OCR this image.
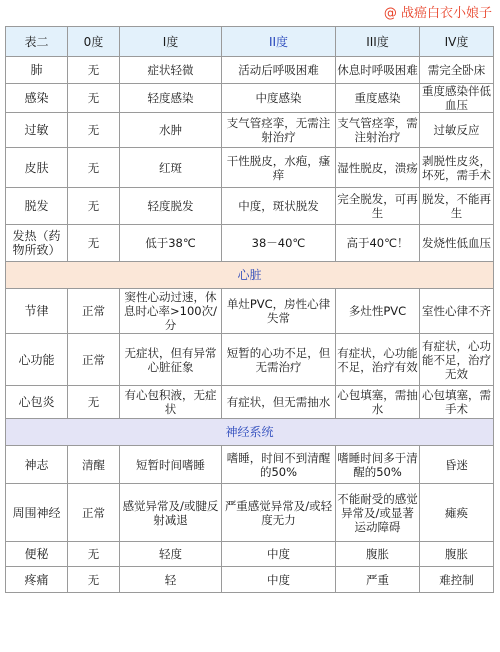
@ 战癌白衣小娘子
表二	0度	I度	II度	III度	IV度
肺	无	症状轻微	活动后呼吸困难	休息时呼吸困难	需完全卧床
感染	无	轻度感染	中度感染	重度感染	重度感染伴低血压
过敏	无	水肿	支气管痉挛，无需注射治疗	支气管痉挛，需注射治疗	过敏反应
皮肤	无	红斑	干性脱皮，水疱，瘙痒	湿性脱皮，溃疡	剥脱性皮炎，坏死，需手术
脱发	无	轻度脱发	中度，斑状脱发	完全脱发，可再生	脱发，不能再生
发热（药物所致）	无	低于38℃	38－40℃	高于40℃！	发烧性低血压
心脏					
节律	正常	窦性心动过速，休息时心率>100次/分	单灶PVC，房性心律失常	多灶性PVC	室性心律不齐
心功能	正常	无症状，但有异常心脏征象	短暂的心功不足，但无需治疗	有症状，心功能不足，治疗有效	有症状，心功能不足，治疗无效
心包炎	无	有心包积液，无症状	有症状，但无需抽水	心包填塞，需抽水	心包填塞，需手术
神经系统					
神志	清醒	短暂时间嗜睡	嗜睡，时间不到清醒的50%	嗜睡时间多于清醒的50%	昏迷
周围神经	正常	感觉异常及/或腱反射减退	严重感觉异常及/或轻度无力	不能耐受的感觉异常及/或显著运动障碍	瘫痪
便秘	无	轻度	中度	腹胀	腹胀
疼痛	无	轻	中度	严重	难控制
